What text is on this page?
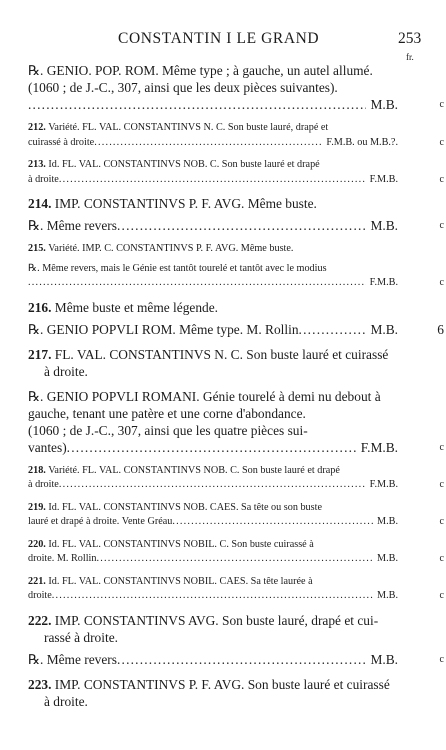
CONSTANTIN I LE GRAND	253
fr.

℞. GENIO. POP. ROM. Même type ; à gauche, un autel allumé.

(1060 ; de J.-C., 307, ainsi que les deux pièces suivantes).
.....
M.B.	c
212. Variété. FL. VAL. CONSTANTINVS N. C. Son buste lauré, drapé et
cuirassé à droite .....	F.M.B. ou M.B.?.	c
213. Id. FL. VAL. CONSTANTINVS NOB. C. Son buste lauré et drapé
à droite .....	F.M.B.	c
214. IMP. CONSTANTINVS P. F. AVG. Même buste.
℞. Même revers .....	M.B.	c
215. Variété. IMP. C. CONSTANTINVS P. F. AVG. Même buste.

℞. Même revers, mais le Génie est tantôt tourelé et tantôt avec le modius

.....
F.M.B.	c
216. Même buste et même légende.
℞. GENIO POPVLI ROM. Même type. M. Rollin .....	M.B.	6
217. FL. VAL. CONSTANTINVS N. C. Son buste lauré et cuirassé
à droite.
℞. GENIO POPVLI ROMANI. Génie tourelé à demi nu debout à
gauche, tenant une patère et une corne d'abondance.
(1060 ; de J.-C., 307, ainsi que les quatre pièces sui-
vantes) .....	F.M.B.	c
218. Variété. FL. VAL. CONSTANTINVS NOB. C. Son buste lauré et drapé
à droite .....	F.M.B.	c
219. Id. FL. VAL. CONSTANTINVS NOB. CAES. Sa tête ou son buste
lauré et drapé à droite. Vente Gréau .....	M.B.	c
220. Id. FL. VAL. CONSTANTINVS NOBIL. C. Son buste cuirassé à
droite. M. Rollin .....	M.B.	c
221. Id. FL. VAL. CONSTANTINVS NOBIL. CAES. Sa tête laurée à
droite .....	M.B.	c
222. IMP. CONSTANTINVS AVG. Son buste lauré, drapé et cui-
rassé à droite.
℞. Même revers .....	M.B.	c
223. IMP. CONSTANTINVS P. F. AVG. Son buste lauré et cuirassé
à droite.
